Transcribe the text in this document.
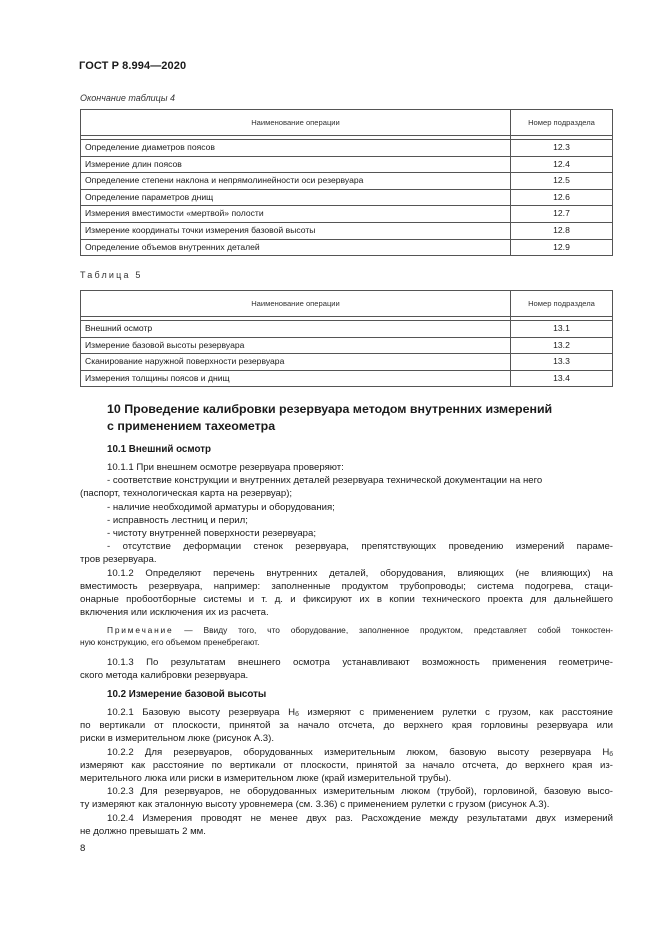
ГОСТ Р 8.994—2020
Окончание таблицы 4
Наименование операции	Номер подраздела

Определение диаметров поясов	12.3
Измерение длин поясов	12.4
Определение степени наклона и непрямолинейности оси резервуара	12.5
Определение параметров днищ	12.6
Измерения вместимости «мертвой» полости	12.7
Измерение координаты точки измерения базовой высоты	12.8
Определение объемов внутренних деталей	12.9
Таблица 5
Наименование операции	Номер подраздела

Внешний осмотр	13.1
Измерение базовой высоты резервуара	13.2
Сканирование наружной поверхности резервуара	13.3
Измерения толщины поясов и днищ	13.4
10 Проведение калибровки резервуара методом внутренних измерений
с применением тахеометра
10.1 Внешний осмотр
10.1.1 При внешнем осмотре резервуара проверяют:
- соответствие конструкции и внутренних деталей резервуара технической документации на него
(паспорт, технологическая карта на резервуар);
- наличие необходимой арматуры и оборудования;
- исправность лестниц и перил;
- чистоту внутренней поверхности резервуара;
- отсутствие деформации стенок резервуара, препятствующих проведению измерений параме-
тров резервуара.
10.1.2 Определяют перечень внутренних деталей, оборудования, влияющих (не влияющих) на
вместимость резервуара, например: заполненные продуктом трубопроводы; система подогрева, стаци-
онарные пробоотборные системы и т. д. и фиксируют их в копии технического проекта для дальнейшего
включения или исключения их из расчета.
Примечание — Ввиду того, что оборудование, заполненное продуктом, представляет собой тонкостен-
ную конструкцию, его объемом пренебрегают.
10.1.3 По результатам внешнего осмотра устанавливают возможность применения геометриче-
ского метода калибровки резервуара.
10.2 Измерение базовой высоты
10.2.1 Базовую высоту резервуара $Н_б$ измеряют с применением рулетки с грузом, как расстояние
по вертикали от плоскости, принятой за начало отсчета, до верхнего края горловины резервуара или
риски в измерительном люке (рисунок А.3).
10.2.2 Для резервуаров, оборудованных измерительным люком, базовую высоту резервуара $Н_б$
измеряют как расстояние по вертикали от плоскости, принятой за начало отсчета, до верхнего края из-
мерительного люка или риски в измерительном люке (край измерительной трубы).
10.2.3 Для резервуаров, не оборудованных измерительным люком (трубой), горловиной, базовую высо-
ту измеряют как эталонную высоту уровнемера (см. 3.36) с применением рулетки с грузом (рисунок А.3).
10.2.4 Измерения проводят не менее двух раз. Расхождение между результатами двух измерений
не должно превышать 2 мм.
8
